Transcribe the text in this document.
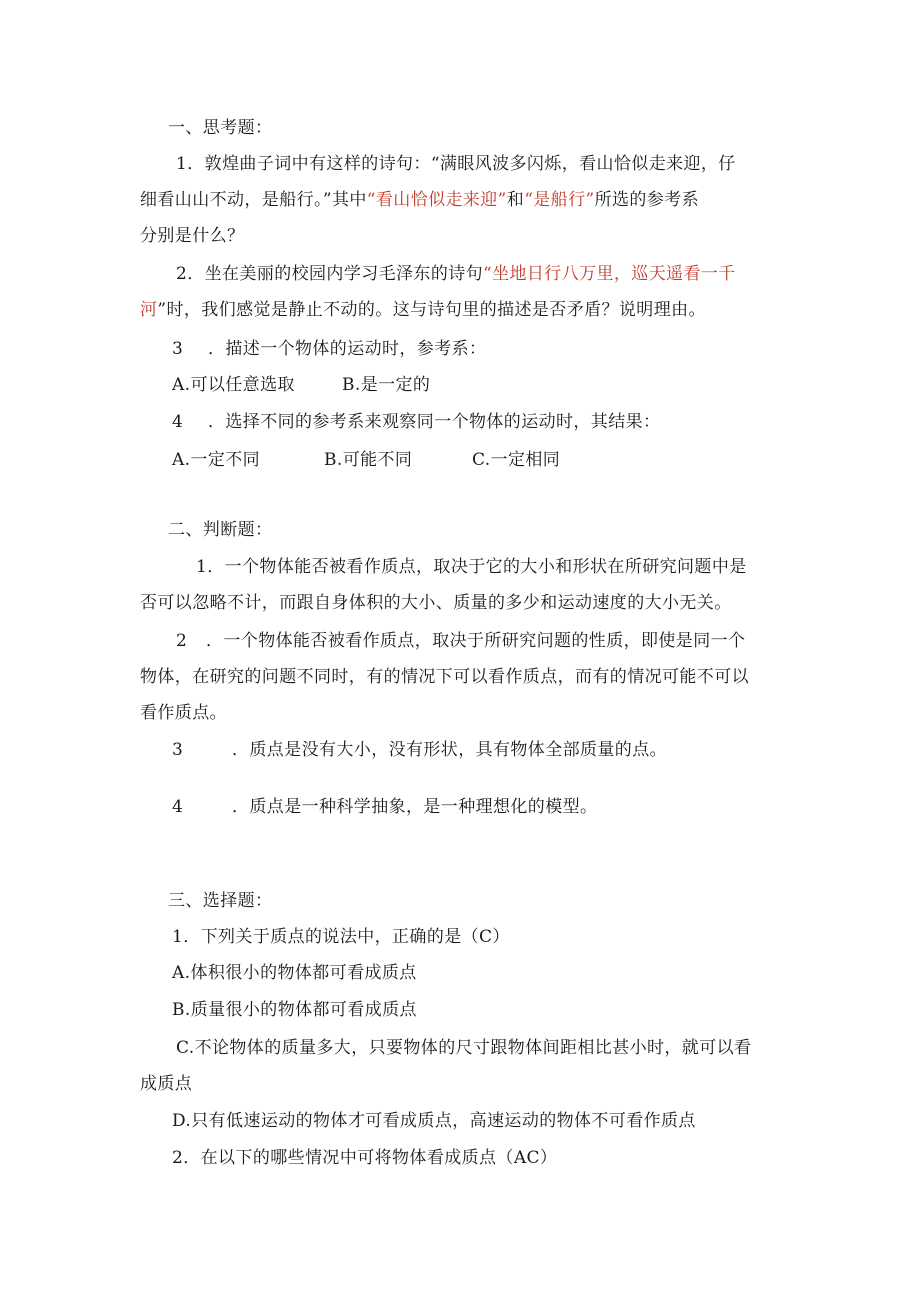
一、思考题：
1．敦煌曲子词中有这样的诗句：“满眼风波多闪烁，看山恰似走来迎，仔
细看山山不动，是船行。”其中“看山恰似走来迎”和“是船行”所选的参考系
分别是什么？
2．坐在美丽的校园内学习毛泽东的诗句“坐地日行八万里，巡天遥看一千
河”时，我们感觉是静止不动的。这与诗句里的描述是否矛盾？说明理由。
3 ．描述一个物体的运动时，参考系：
A.可以任意选取	B.是一定的
4 ．选择不同的参考系来观察同一个物体的运动时，其结果：
A.一定不同	B.可能不同	C.一定相同
二、判断题：
1．一个物体能否被看作质点，取决于它的大小和形状在所研究问题中是
否可以忽略不计，而跟自身体积的大小、质量的多少和运动速度的大小无关。
2 ．一个物体能否被看作质点，取决于所研究问题的性质，即使是同一个
物体，在研究的问题不同时，有的情况下可以看作质点，而有的情况可能不可以
看作质点。
3	．质点是没有大小，没有形状，具有物体全部质量的点。
4	．质点是一种科学抽象，是一种理想化的模型。
三、选择题：
1．下列关于质点的说法中，正确的是（C）
A.体积很小的物体都可看成质点
B.质量很小的物体都可看成质点
C.不论物体的质量多大，只要物体的尺寸跟物体间距相比甚小时，就可以看
成质点
D.只有低速运动的物体才可看成质点，高速运动的物体不可看作质点
2．在以下的哪些情况中可将物体看成质点（AC）
